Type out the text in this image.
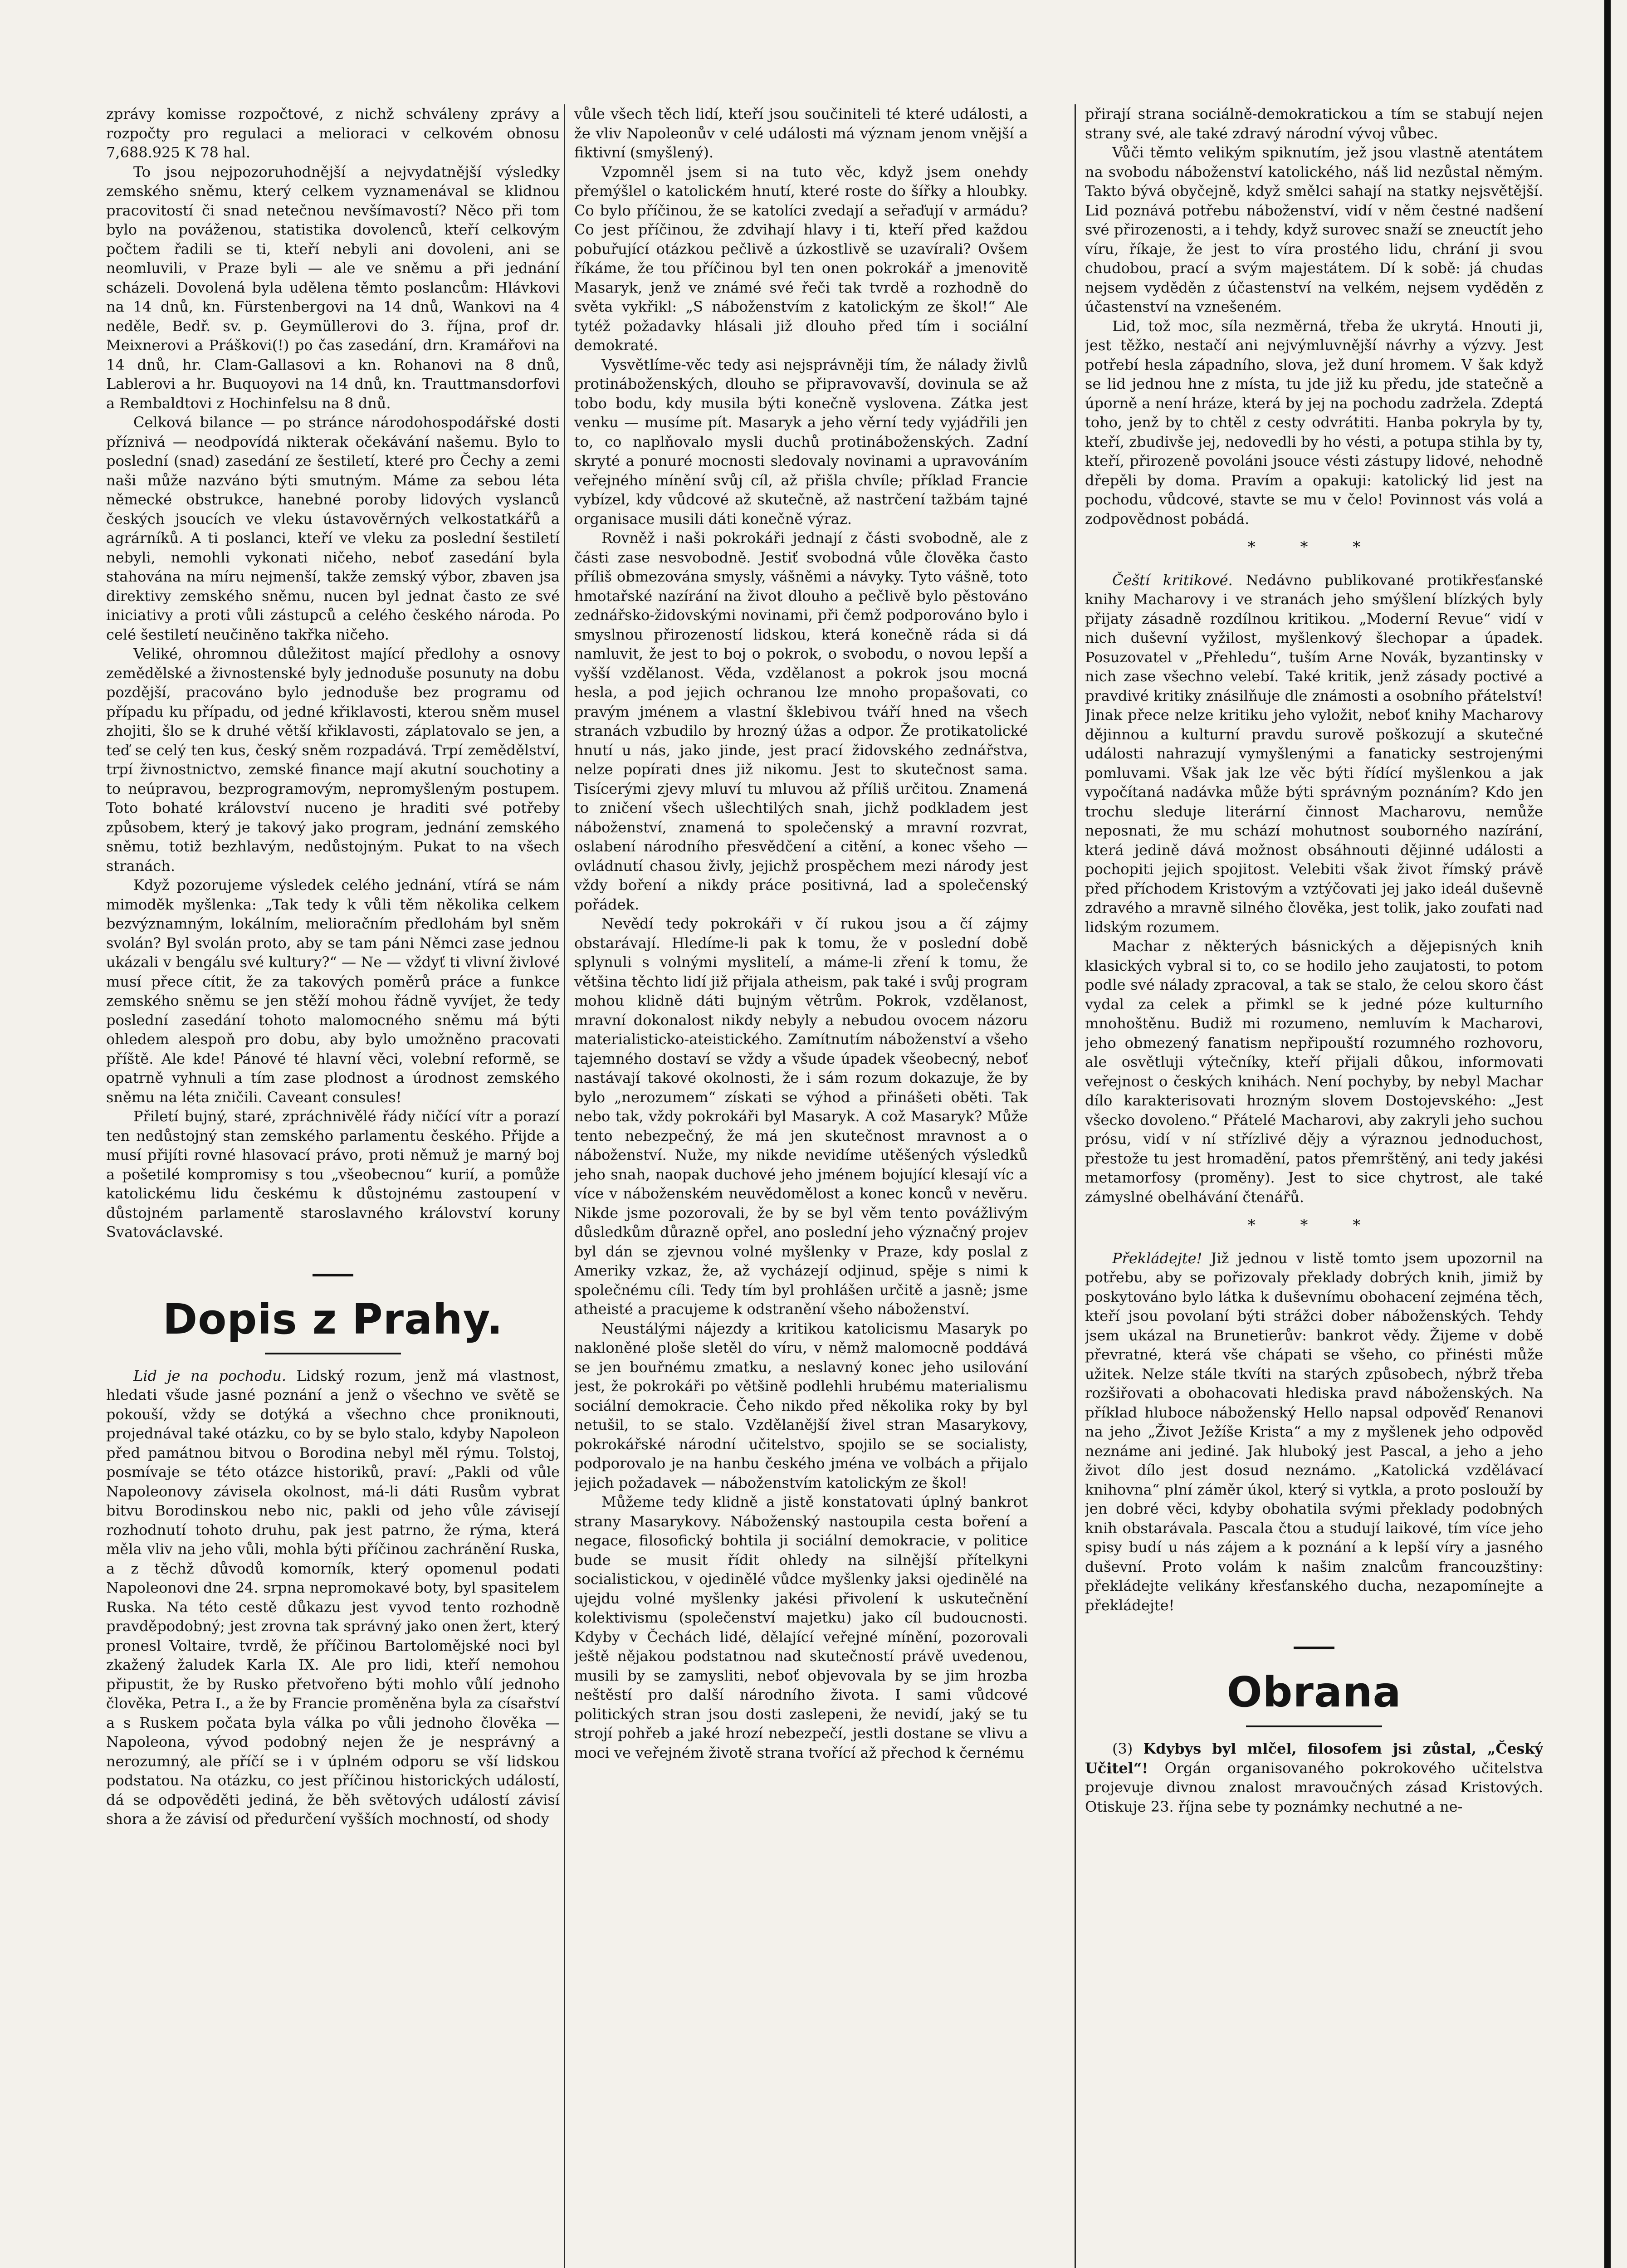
zprávy komisse rozpočtové, z nichž schváleny zprávy a rozpočty pro regulaci a melioraci v celkovém obnosu 7,688.925 K 78 hal.

To jsou nejpozoruhodnější a nejvydatnější výsledky zemského sněmu, který celkem vyznamenával se klidnou pracovitostí či snad netečnou nevšímavostí? Něco při tom bylo na pováženou, statistika dovolenců, kteří celkovým počtem řadili se ti, kteří nebyli ani dovoleni, ani se neomluvili, v Praze byli — ale ve sněmu a při jednání scházeli. Dovolená byla udělena těmto poslancům: Hlávkovi na 14 dnů, kn. Fürstenbergovi na 14 dnů, Wankovi na 4 neděle, Bedř. sv. p. Geymüllerovi do 3. října, prof dr. Meixnerovi a Práškovi(!) po čas zasedání, drn. Kramářovi na 14 dnů, hr. Clam-Gallasovi a kn. Rohanovi na 8 dnů, Lablerovi a hr. Buquoyovi na 14 dnů, kn. Trauttmansdorfovi a Rembaldtovi z Hochinfelsu na 8 dnů.

Celková bilance — po stránce národohospodářské dosti příznivá — neodpovídá nikterak očekávání našemu. Bylo to poslední (snad) zasedání ze šestiletí, které pro Čechy a zemi naši může nazváno býti smutným. Máme za sebou léta německé obstrukce, hanebné poroby lidových vyslanců českých jsoucích ve vleku ústavověrných velkostatkářů a agrárníků. A ti poslanci, kteří ve vleku za poslední šestiletí nebyli, nemohli vykonati ničeho, neboť zasedání byla stahována na míru nejmenší, takže zemský výbor, zbaven jsa direktivy zemského sněmu, nucen byl jednat často ze své iniciativy a proti vůli zástupců a celého českého národa. Po celé šestiletí neučiněno takřka ničeho.

Veliké, ohromnou důležitost mající předlohy a osnovy zemědělské a živnostenské byly jednoduše posunuty na dobu pozdější, pracováno bylo jednoduše bez programu od případu ku případu, od jedné křiklavosti, kterou sněm musel zhojiti, šlo se k druhé větší křiklavosti, záplatovalo se jen, a teď se celý ten kus, český sněm rozpadává. Trpí zemědělství, trpí živnostnictvo, zemské finance mají akutní souchotiny a to neúpravou, bezprogramovým, nepromyšleným postupem. Toto bohaté království nuceno je hraditi své potřeby způsobem, který je takový jako program, jednání zemského sněmu, totiž bezhlavým, nedůstojným. Pukat to na všech stranách.

Když pozorujeme výsledek celého jednání, vtírá se nám mimoděk myšlenka: „Tak tedy k vůli těm několika celkem bezvýznamným, lokálním, melioračním předlohám byl sněm svolán? Byl svolán proto, aby se tam páni Němci zase jednou ukázali v bengálu své kultury?“ — Ne — vždyť ti vlivní živlové musí přece cítit, že za takových poměrů práce a funkce zemského sněmu se jen stěží mohou řádně vyvíjet, že tedy poslední zasedání tohoto malomocného sněmu má býti ohledem alespoň pro dobu, aby bylo umožněno pracovati příště. Ale kde! Pánové té hlavní věci, volební reformě, se opatrně vyhnuli a tím zase plodnost a úrodnost zemského sněmu na léta zničili. Caveant consules!

Přiletí bujný, staré, zpráchnivělé řády ničící vítr a porazí ten nedůstojný stan zemského parlamentu českého. Přijde a musí přijíti rovné hlasovací právo, proti němuž je marný boj a pošetilé kompromisy s tou „všeobecnou“ kurií, a pomůže katolickému lidu českému k důstojnému zastoupení v důstojném parlamentě staroslavného království koruny Svatováclavské.

Dopis z Prahy.

Lid je na pochodu. Lidský rozum, jenž má vlastnost, hledati všude jasné poznání a jenž o všechno ve světě se pokouší, vždy se dotýká a všechno chce proniknouti, projednával také otázku, co by se bylo stalo, kdyby Napoleon před památnou bitvou o Borodina nebyl měl rýmu. Tolstoj, posmívaje se této otázce historiků, praví: „Pakli od vůle Napoleonovy závisela okolnost, má-li dáti Rusům vybrat bitvu Borodinskou nebo nic, pakli od jeho vůle závisejí rozhodnutí tohoto druhu, pak jest patrno, že rýma, která měla vliv na jeho vůli, mohla býti příčinou zachránění Ruska, a z těchž důvodů komorník, který opomenul podati Napoleonovi dne 24. srpna nepromokavé boty, byl spasitelem Ruska. Na této cestě důkazu jest vyvod tento rozhodně pravděpodobný; jest zrovna tak správný jako onen žert, který pronesl Voltaire, tvrdě, že příčinou Bartolomějské noci byl zkažený žaludek Karla IX. Ale pro lidi, kteří nemohou připustit, že by Rusko přetvořeno býti mohlo vůlí jednoho člověka, Petra I., a že by Francie proměněna byla za císařství a s Ruskem počata byla válka po vůli jednoho člověka — Napoleona, vývod podobný nejen že je nesprávný a nerozumný, ale příčí se i v úplném odporu se vší lidskou podstatou. Na otázku, co jest příčinou historických událostí, dá se odpověděti jediná, že běh světových událostí závisí shora a že závisí od předurčení vyšších mochností, od shody

vůle všech těch lidí, kteří jsou součiniteli té které události, a že vliv Napoleonův v celé události má význam jenom vnější a fiktivní (smyšlený).

Vzpomněl jsem si na tuto věc, když jsem onehdy přemýšlel o katolickém hnutí, které roste do šířky a hloubky. Co bylo příčinou, že se katolíci zvedají a seřaďují v armádu? Co jest příčinou, že zdvihají hlavy i ti, kteří před každou pobuřující otázkou pečlivě a úzkostlivě se uzavírali? Ovšem říkáme, že tou příčinou byl ten onen pokrokář a jmenovitě Masaryk, jenž ve známé své řeči tak tvrdě a rozhodně do světa vykřikl: „S náboženstvím z katolickým ze škol!“ Ale tytéž požadavky hlásali již dlouho před tím i sociální demokraté.

Vysvětlíme-věc tedy asi nejsprávněji tím, že nálady živlů protináboženských, dlouho se připravovavší, dovinula se až tobo bodu, kdy musila býti konečně vyslovena. Zátka jest venku — musíme pít. Masaryk a jeho věrní tedy vyjádřili jen to, co naplňovalo mysli duchů protináboženských. Zadní skryté a ponuré mocnosti sledovaly novinami a upravováním veřejného mínění svůj cíl, až přišla chvíle; příklad Francie vybízel, kdy vůdcové až skutečně, až nastrčení tažbám tajné organisace musili dáti konečně výraz.

Rovněž i naši pokrokáři jednají z části svobodně, ale z části zase nesvobodně. Jestiť svobodná vůle člověka často příliš obmezována smysly, vášněmi a návyky. Tyto vášně, toto hmotařské nazírání na život dlouho a pečlivě bylo pěstováno zednářsko-židovskými novinami, při čemž podporováno bylo i smyslnou přirozeností lidskou, která konečně ráda si dá namluvit, že jest to boj o pokrok, o svobodu, o novou lepší a vyšší vzdělanost. Věda, vzdělanost a pokrok jsou mocná hesla, a pod jejich ochranou lze mnoho propašovati, co pravým jménem a vlastní šklebivou tváří hned na všech stranách vzbudilo by hrozný úžas a odpor. Že protikatolické hnutí u nás, jako jinde, jest prací židovského zednářstva, nelze popírati dnes již nikomu. Jest to skutečnost sama. Tisícerými zjevy mluví tu mluvou až příliš určitou. Znamená to zničení všech ušlechtilých snah, jichž podkladem jest náboženství, znamená to společenský a mravní rozvrat, oslabení národního přesvědčení a citění, a konec všeho — ovládnutí chasou živly, jejichž prospěchem mezi národy jest vždy boření a nikdy práce positivná, lad a společenský pořádek.

Nevědí tedy pokrokáři v čí rukou jsou a čí zájmy obstarávají. Hledíme-li pak k tomu, že v poslední době splynuli s volnými myslitelí, a máme-li zření k tomu, že většina těchto lidí již přijala atheism, pak také i svůj program mohou klidně dáti bujným větrům. Pokrok, vzdělanost, mravní dokonalost nikdy nebyly a nebudou ovocem názoru materialisticko-ateistického. Zamítnutím náboženství a všeho tajemného dostaví se vždy a všude úpadek všeobecný, neboť nastávají takové okolnosti, že i sám rozum dokazuje, že by bylo „nerozumem“ získati se výhod a přinášeti oběti. Tak nebo tak, vždy pokrokáři byl Masaryk. A což Masaryk? Může tento nebezpečný, že má jen skutečnost mravnost a o náboženství. Nuže, my nikde nevidíme utěšených výsledků jeho snah, naopak duchové jeho jménem bojující klesají víc a více v náboženském neuvědomělost a konec konců v nevěru. Nikde jsme pozorovali, že by se byl věm tento povážlivým důsledkům důrazně opřel, ano poslední jeho význačný projev byl dán se zjevnou volné myšlenky v Praze, kdy poslal z Ameriky vzkaz, že, až vycházejí odjinud, spěje s nimi k společnému cíli. Tedy tím byl prohlášen určitě a jasně; jsme atheisté a pracujeme k odstranění všeho náboženství.

Neustálými nájezdy a kritikou katolicismu Masaryk po nakloněné ploše sletěl do víru, v němž malomocně poddává se jen bouřnému zmatku, a neslavný konec jeho usilování jest, že pokrokáři po většině podlehli hrubému materialismu sociální demokracie. Čeho nikdo před několika roky by byl netušil, to se stalo. Vzdělanější živel stran Masarykovy, pokrokářské národní učitelstvo, spojilo se se socialisty, podporovalo je na hanbu českého jména ve volbách a přijalo jejich požadavek — náboženstvím katolickým ze škol!

Můžeme tedy klidně a jistě konstatovati úplný bankrot strany Masarykovy. Náboženský nastoupila cesta boření a negace, filosofický bohtila ji sociální demokracie, v politice bude se musit řídit ohledy na silnější přítelkyni socialistickou, v ojedinělé vůdce myšlenky jaksi ojedinělé na ujejdu volné myšlenky jakési přivolení k uskutečnění kolektivismu (společenství majetku) jako cíl budoucnosti. Kdyby v Čechách lidé, dělající veřejné mínění, pozorovali ještě nějakou podstatnou nad skutečností právě uvedenou, musili by se zamysliti, neboť objevovala by se jim hrozba neštěstí pro další národního života. I sami vůdcové politických stran jsou dosti zaslepeni, že nevidí, jaký se tu strojí pohřeb a jaké hrozí nebezpečí, jestli dostane se vlivu a moci ve veřejném životě strana tvořící až přechod k černému

přirají strana sociálně-demokratickou a tím se stabují nejen strany své, ale také zdravý národní vývoj vůbec.

Vůči těmto velikým spiknutím, jež jsou vlastně atentátem na svobodu náboženství katolického, náš lid nezůstal němým. Takto bývá obyčejně, když smělci sahají na statky nejsvětější. Lid poznává potřebu náboženství, vidí v něm čestné nadšení své přirozenosti, a i tehdy, když surovec snaží se zneuctít jeho víru, říkaje, že jest to víra prostého lidu, chrání ji svou chudobou, prací a svým majestátem. Dí k sobě: já chudas nejsem vyděděn z účastenství na velkém, nejsem vyděděn z účastenství na vznešeném.

Lid, tož moc, síla nezměrná, třeba že ukrytá. Hnouti ji, jest těžko, nestačí ani nejvýmluvnější návrhy a výzvy. Jest potřebí hesla západního, slova, jež duní hromem. V šak když se lid jednou hne z místa, tu jde již ku předu, jde statečně a úporně a není hráze, která by jej na pochodu zadržela. Zdeptá toho, jenž by to chtěl z cesty odvrátiti. Hanba pokryla by ty, kteří, zbudivše jej, nedovedli by ho vésti, a potupa stihla by ty, kteří, přirozeně povoláni jsouce vésti zástupy lidové, nehodně dřepěli by doma. Pravím a opakuji: katolický lid jest na pochodu, vůdcové, stavte se mu v čelo! Povinnost vás volá a zodpovědnost pobádá.

* * *

Čeští kritikové. Nedávno publikované protikřesťanské knihy Macharovy i ve stranách jeho smýšlení blízkých byly přijaty zásadně rozdílnou kritikou. „Moderní Revue“ vidí v nich duševní vyžilost, myšlenkový šlechopar a úpadek. Posuzovatel v „Přehledu“, tuším Arne Novák, byzantinsky v nich zase všechno velebí. Také kritik, jenž zásady poctivé a pravdivé kritiky znásilňuje dle známosti a osobního přátelství! Jinak přece nelze kritiku jeho vyložit, neboť knihy Macharovy dějinnou a kulturní pravdu surově poškozují a skutečné události nahrazují vymyšlenými a fanaticky sestrojenými pomluvami. Však jak lze věc býti řídící myšlenkou a jak vypočítaná nadávka může býti správným poznáním? Kdo jen trochu sleduje literární činnost Macharovu, nemůže neposnati, že mu schází mohutnost souborného nazírání, která jedině dává možnost obsáhnouti dějinné události a pochopiti jejich spojitost. Velebiti však život římský právě před příchodem Kristovým a vztýčovati jej jako ideál duševně zdravého a mravně silného člověka, jest tolik, jako zoufati nad lidským rozumem.

Machar z některých básnických a dějepisných knih klasických vybral si to, co se hodilo jeho zaujatosti, to potom podle své nálady zpracoval, a tak se stalo, že celou skoro část vydal za celek a přimkl se k jedné póze kulturního mnohoštěnu. Budiž mi rozumeno, nemluvím k Macharovi, jeho obmezený fanatism nepřipouští rozumného rozhovoru, ale osvětluji výtečníky, kteří přijali důkou, informovati veřejnost o českých knihách. Není pochyby, by nebyl Machar dílo karakterisovati hrozným slovem Dostojevského: „Jest všecko dovoleno.“ Přátelé Macharovi, aby zakryli jeho suchou prósu, vidí v ní střízlivé dějy a výraznou jednoduchost, přestože tu jest hromadění, patos přemrštěný, ani tedy jakési metamorfosy (proměny). Jest to sice chytrost, ale také zámyslné obelhávání čtenářů.

* * *

Překládejte! Již jednou v listě tomto jsem upozornil na potřebu, aby se pořizovaly překlady dobrých knih, jimiž by poskytováno bylo látka k duševnímu obohacení zejména těch, kteří jsou povolaní býti strážci dober náboženských. Tehdy jsem ukázal na Brunetierův: bankrot vědy. Žijeme v době převratné, která vše chápati se všeho, co přinésti může užitek. Nelze stále tkvíti na starých způsobech, nýbrž třeba rozšiřovati a obohacovati hlediska pravd náboženských. Na příklad hluboce náboženský Hello napsal odpověď Renanovi na jeho „Život Ježíše Krista“ a my z myšlenek jeho odpověď neznáme ani jediné. Jak hluboký jest Pascal, a jeho a jeho život dílo jest dosud neznámo. „Katolická vzdělávací knihovna“ plní záměr úkol, který si vytkla, a proto poslouží by jen dobré věci, kdyby obohatila svými překlady podobných knih obstarávala. Pascala čtou a studují laikové, tím více jeho spisy budí u nás zájem a k poznání a k lepší víry a jasného duševní. Proto volám k našim znalcům francouzštiny: překládejte velikány křesťanského ducha, nezapomínejte a překládejte!

Obrana

(3) Kdybys byl mlčel, filosofem jsi zůstal, „Český Učitel“! Orgán organisovaného pokrokového učitelstva projevuje divnou znalost mravoučných zásad Kristových. Otiskuje 23. října sebe ty poznámky nechutné a ne-
